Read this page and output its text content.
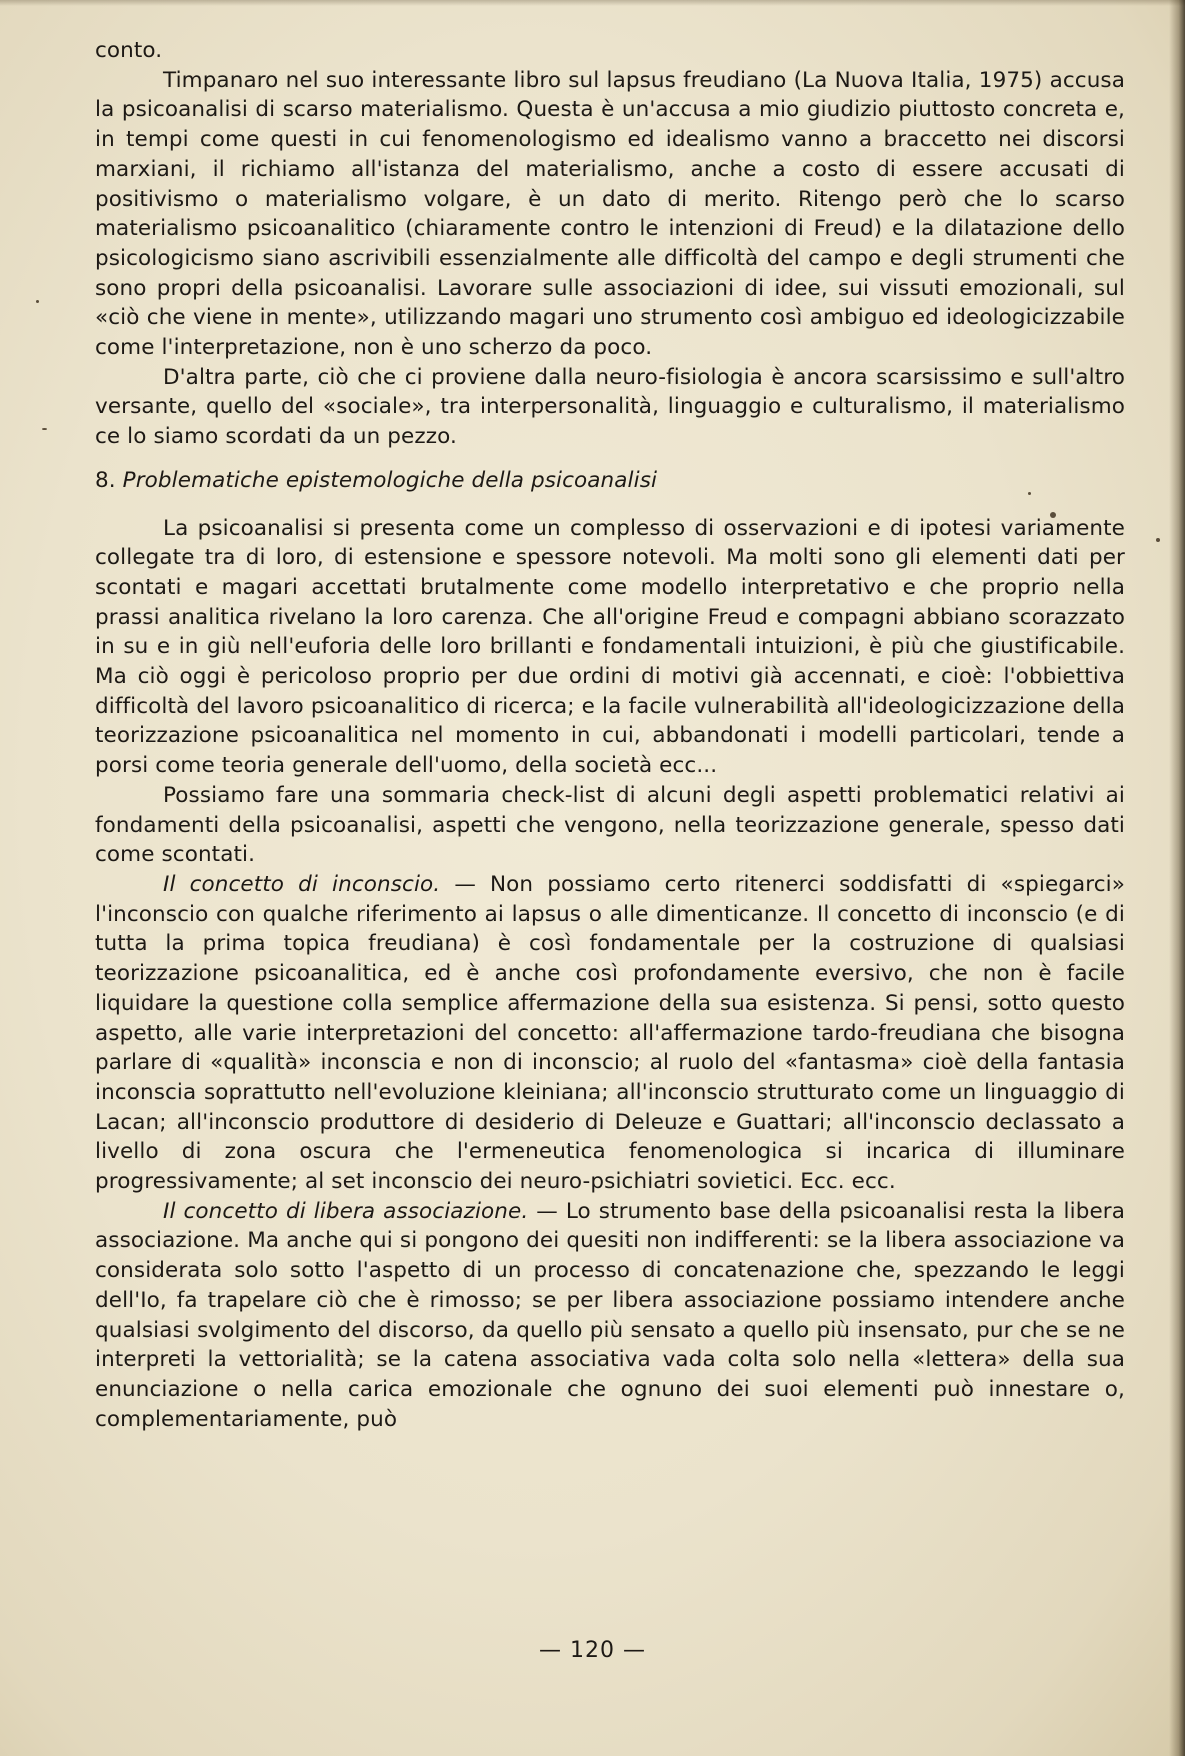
conto.

Timpanaro nel suo interessante libro sul lapsus freudiano (La Nuova Italia, 1975) accusa la psicoanalisi di scarso materialismo. Questa è un'accusa a mio giudizio piuttosto concreta e, in tempi come questi in cui fenomenologismo ed idealismo vanno a braccetto nei discorsi marxiani, il richiamo all'istanza del materialismo, anche a costo di essere accusati di positivismo o materialismo volgare, è un dato di merito. Ritengo però che lo scarso materialismo psicoanalitico (chiaramente contro le intenzioni di Freud) e la dilatazione dello psicologicismo siano ascrivibili essenzialmente alle difficoltà del campo e degli strumenti che sono propri della psicoanalisi. Lavorare sulle associazioni di idee, sui vissuti emozionali, sul «ciò che viene in mente», utilizzando magari uno strumento così ambiguo ed ideologicizzabile come l'interpretazione, non è uno scherzo da poco.

D'altra parte, ciò che ci proviene dalla neuro-fisiologia è ancora scarsissimo e sull'altro versante, quello del «sociale», tra interpersonalità, linguaggio e culturalismo, il materialismo ce lo siamo scordati da un pezzo.

8. Problematiche epistemologiche della psicoanalisi

La psicoanalisi si presenta come un complesso di osservazioni e di ipotesi variamente collegate tra di loro, di estensione e spessore notevoli. Ma molti sono gli elementi dati per scontati e magari accettati brutalmente come modello interpretativo e che proprio nella prassi analitica rivelano la loro carenza. Che all'origine Freud e compagni abbiano scorazzato in su e in giù nell'euforia delle loro brillanti e fondamentali intuizioni, è più che giustificabile. Ma ciò oggi è pericoloso proprio per due ordini di motivi già accennati, e cioè: l'obbiettiva difficoltà del lavoro psicoanalitico di ricerca; e la facile vulnerabilità all'ideologicizzazione della teorizzazione psicoanalitica nel momento in cui, abbandonati i modelli particolari, tende a porsi come teoria generale dell'uomo, della società ecc...

Possiamo fare una sommaria check-list di alcuni degli aspetti problematici relativi ai fondamenti della psicoanalisi, aspetti che vengono, nella teorizzazione generale, spesso dati come scontati.

Il concetto di inconscio. — Non possiamo certo ritenerci soddisfatti di «spiegarci» l'inconscio con qualche riferimento ai lapsus o alle dimenticanze. Il concetto di inconscio (e di tutta la prima topica freudiana) è così fondamentale per la costruzione di qualsiasi teorizzazione psicoanalitica, ed è anche così profondamente eversivo, che non è facile liquidare la questione colla semplice affermazione della sua esistenza. Si pensi, sotto questo aspetto, alle varie interpretazioni del concetto: all'affermazione tardo-freudiana che bisogna parlare di «qualità» inconscia e non di inconscio; al ruolo del «fantasma» cioè della fantasia inconscia soprattutto nell'evoluzione kleiniana; all'inconscio strutturato come un linguaggio di Lacan; all'inconscio produttore di desiderio di Deleuze e Guattari; all'inconscio declassato a livello di zona oscura che l'ermeneutica fenomenologica si incarica di illuminare progressivamente; al set inconscio dei neuro-psichiatri sovietici. Ecc. ecc.

Il concetto di libera associazione. — Lo strumento base della psicoanalisi resta la libera associazione. Ma anche qui si pongono dei quesiti non indifferenti: se la libera associazione va considerata solo sotto l'aspetto di un processo di concatenazione che, spezzando le leggi dell'Io, fa trapelare ciò che è rimosso; se per libera associazione possiamo intendere anche qualsiasi svolgimento del discorso, da quello più sensato a quello più insensato, pur che se ne interpreti la vettorialità; se la catena associativa vada colta solo nella «lettera» della sua enunciazione o nella carica emozionale che ognuno dei suoi elementi può innestare o, complementariamente, può

— 120 —
